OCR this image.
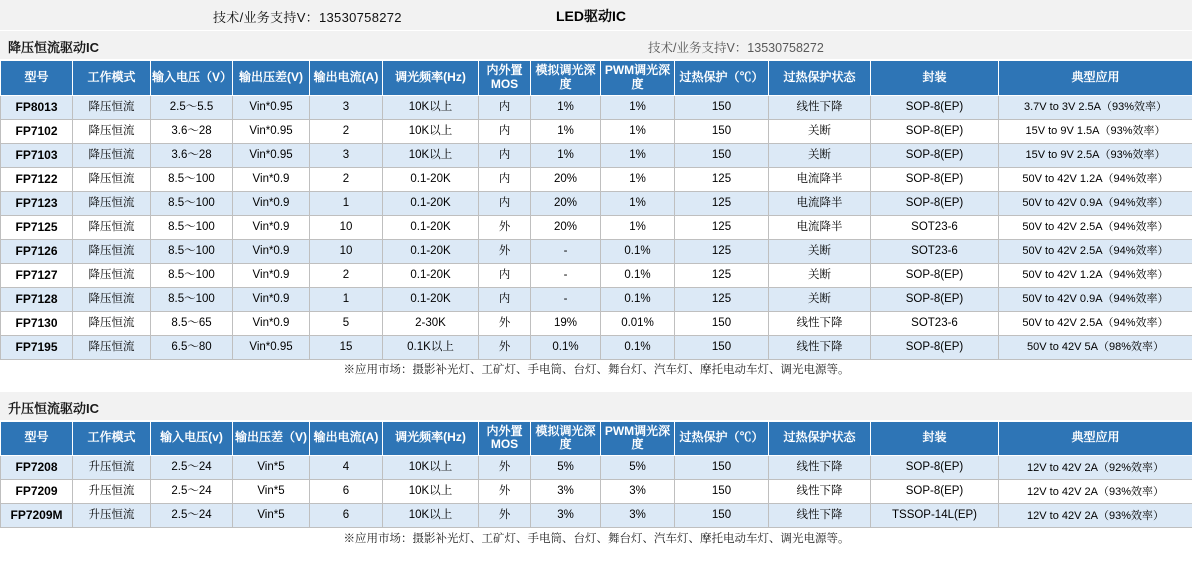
技术/业务支持V：13530758272	LED驱动IC
降压恒流驱动IC	技术/业务支持V：13530758272
型号	工作模式	输入电压（V）	输出压差(V)	输出电流(A)	调光频率(Hz)	内外置MOS	模拟调光深度	PWM调光深度	过热保护（℃）	过热保护状态	封装	典型应用
FP8013	降压恒流	2.5～5.5	Vin*0.95	3	10K以上	内	1%	1%	150	线性下降	SOP-8(EP)	3.7V to 3V 2.5A（93%效率）
FP7102	降压恒流	3.6～28	Vin*0.95	2	10K以上	内	1%	1%	150	关断	SOP-8(EP)	15V to 9V 1.5A（93%效率）
FP7103	降压恒流	3.6～28	Vin*0.95	3	10K以上	内	1%	1%	150	关断	SOP-8(EP)	15V to 9V 2.5A（93%效率）
FP7122	降压恒流	8.5～100	Vin*0.9	2	0.1-20K	内	20%	1%	125	电流降半	SOP-8(EP)	50V to 42V 1.2A（94%效率）
FP7123	降压恒流	8.5～100	Vin*0.9	1	0.1-20K	内	20%	1%	125	电流降半	SOP-8(EP)	50V to 42V 0.9A（94%效率）
FP7125	降压恒流	8.5～100	Vin*0.9	10	0.1-20K	外	20%	1%	125	电流降半	SOT23-6	50V to 42V 2.5A（94%效率）
FP7126	降压恒流	8.5～100	Vin*0.9	10	0.1-20K	外	-	0.1%	125	关断	SOT23-6	50V to 42V 2.5A（94%效率）
FP7127	降压恒流	8.5～100	Vin*0.9	2	0.1-20K	内	-	0.1%	125	关断	SOP-8(EP)	50V to 42V 1.2A（94%效率）
FP7128	降压恒流	8.5～100	Vin*0.9	1	0.1-20K	内	-	0.1%	125	关断	SOP-8(EP)	50V to 42V 0.9A（94%效率）
FP7130	降压恒流	8.5～65	Vin*0.9	5	2-30K	外	19%	0.01%	150	线性下降	SOT23-6	50V to 42V 2.5A（94%效率）
FP7195	降压恒流	6.5～80	Vin*0.95	15	0.1K以上	外	0.1%	0.1%	150	线性下降	SOP-8(EP)	50V to 42V 5A（98%效率）
※应用市场：摄影补光灯、工矿灯、手电筒、台灯、舞台灯、汽车灯、摩托电动车灯、调光电源等。												
升压恒流驱动IC
型号	工作模式	输入电压(v)	输出压差（V)	输出电流(A)	调光频率(Hz)	内外置MOS	模拟调光深度	PWM调光深度	过热保护（℃）	过热保护状态	封装	典型应用
FP7208	升压恒流	2.5～24	Vin*5	4	10K以上	外	5%	5%	150	线性下降	SOP-8(EP)	12V to 42V 2A（92%效率）
FP7209	升压恒流	2.5～24	Vin*5	6	10K以上	外	3%	3%	150	线性下降	SOP-8(EP)	12V to 42V 2A（93%效率）
FP7209M	升压恒流	2.5～24	Vin*5	6	10K以上	外	3%	3%	150	线性下降	TSSOP-14L(EP)	12V to 42V 2A（93%效率）
※应用市场：摄影补光灯、工矿灯、手电筒、台灯、舞台灯、汽车灯、摩托电动车灯、调光电源等。												
